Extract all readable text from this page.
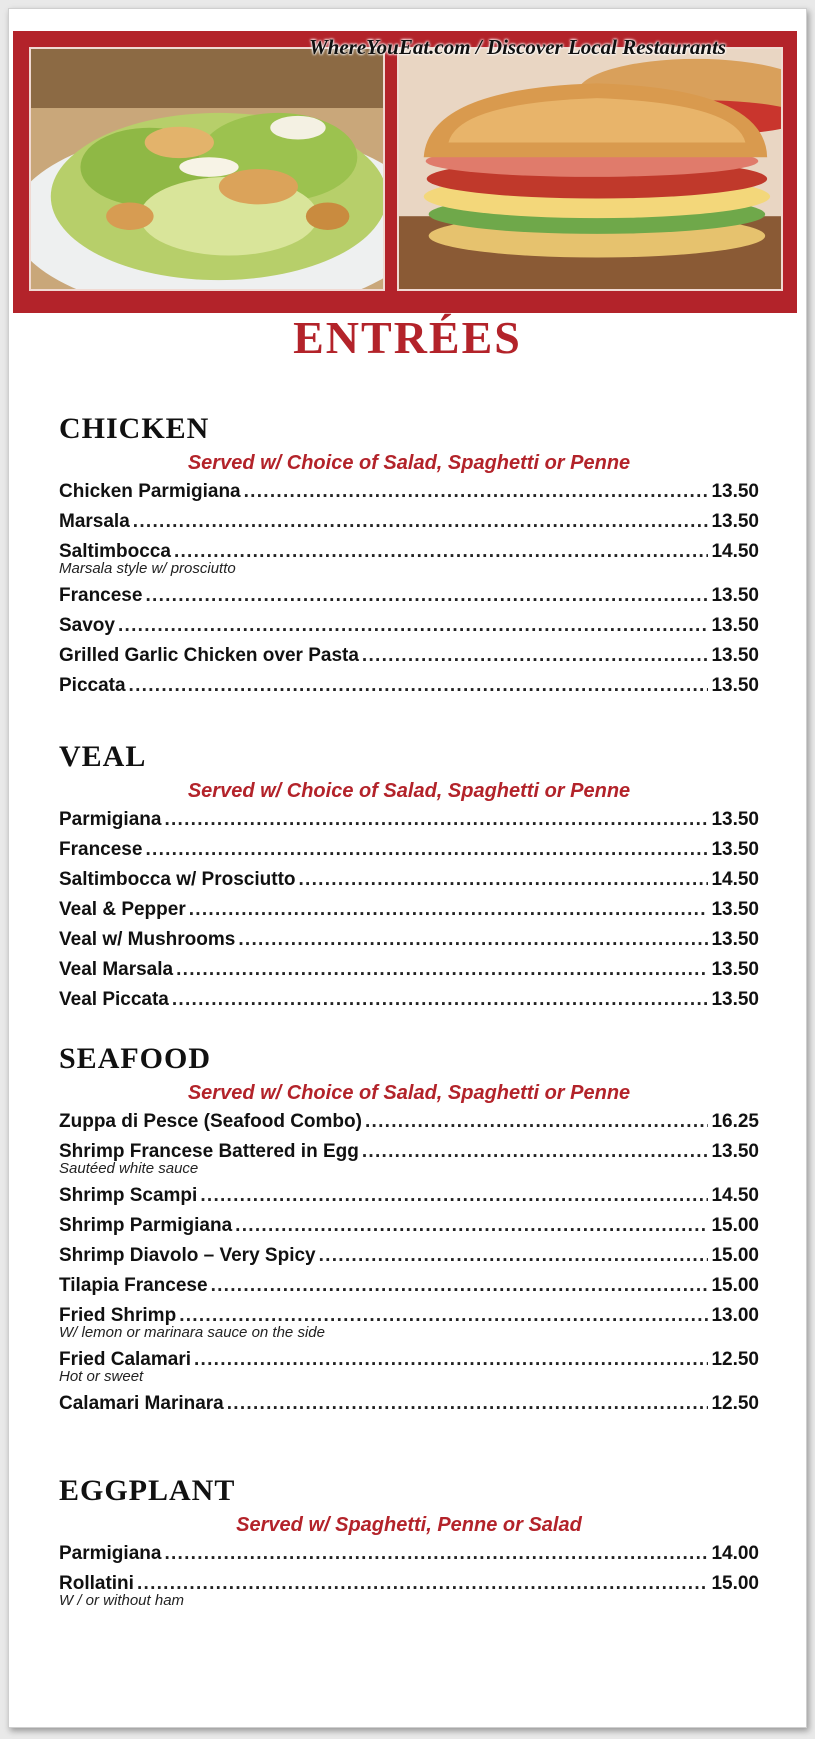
WhereYouEat.com / Discover Local Restaurants
ENTRÉES
CHICKEN
Served w/ Choice of Salad, Spaghetti or Penne
Chicken Parmigiana . . .	13.50
Marsala . . .	13.50
Saltimbocca . . .	14.50
Marsala style w/ prosciutto
Francese . . .	13.50
Savoy . . .	13.50
Grilled Garlic Chicken over Pasta . . .	13.50
Piccata . . .	13.50
VEAL
Served w/ Choice of Salad, Spaghetti or Penne
Parmigiana . . .	13.50
Francese . . .	13.50
Saltimbocca w/ Prosciutto . . .	14.50
Veal & Pepper . . .	13.50
Veal w/ Mushrooms . . .	13.50
Veal Marsala . . .	13.50
Veal Piccata . . .	13.50
SEAFOOD
Served w/ Choice of Salad, Spaghetti or Penne
Zuppa di Pesce (Seafood Combo) . . .	16.25
Shrimp Francese Battered in Egg . . .	13.50
Sautéed white sauce
Shrimp Scampi . . .	14.50
Shrimp Parmigiana . . .	15.00
Shrimp Diavolo – Very Spicy . . .	15.00
Tilapia Francese . . .	15.00
Fried Shrimp . . .	13.00
W/ lemon or marinara sauce on the side
Fried Calamari . . .	12.50
Hot or sweet
Calamari Marinara . . .	12.50
EGGPLANT
Served w/ Spaghetti, Penne or Salad
Parmigiana . . .	14.00
Rollatini . . .	15.00
W / or without ham
